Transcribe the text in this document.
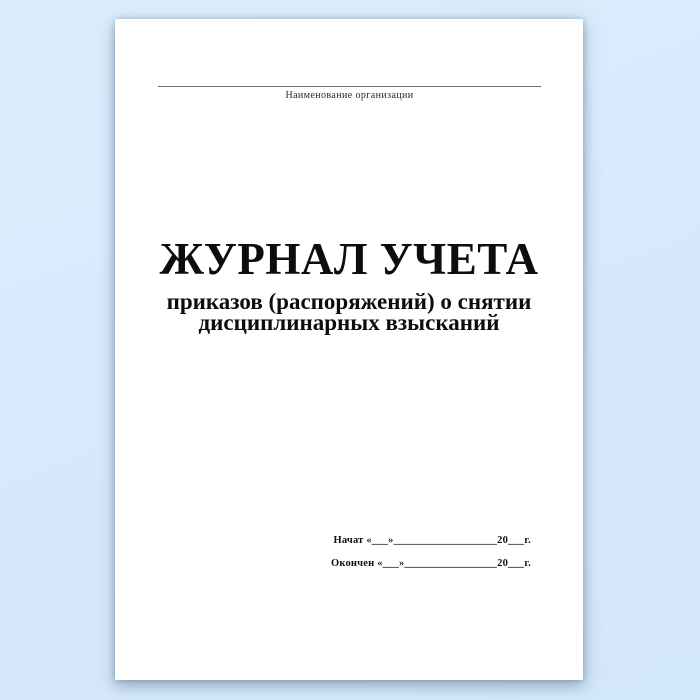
Наименование организации
ЖУРНАЛ УЧЕТА
приказов (распоряжений) о снятии
дисциплинарных взысканий
Начат «___»___________________20___г.
Окончен «___»_________________20___г.
